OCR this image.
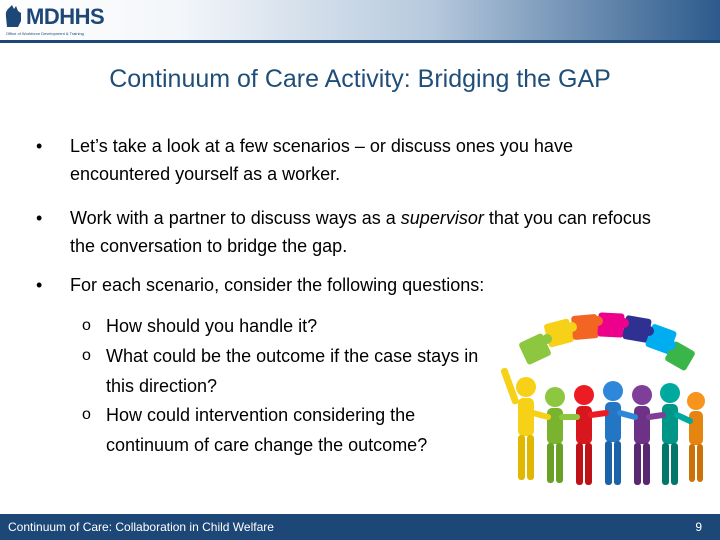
MDHHS
Office of Workforce Development & Training
Continuum of Care Activity: Bridging the GAP
• Let’s take a look at a few scenarios – or discuss ones you have encountered yourself as a worker.
• Work with a partner to discuss ways as a supervisor that you can refocus the conversation to bridge the gap.
• For each scenario, consider the following questions:
o How should you handle it?
o What could be the outcome if the case stays in this direction?
o How could intervention considering the continuum of care change the outcome?
Continuum of Care: Collaboration in Child Welfare	9
